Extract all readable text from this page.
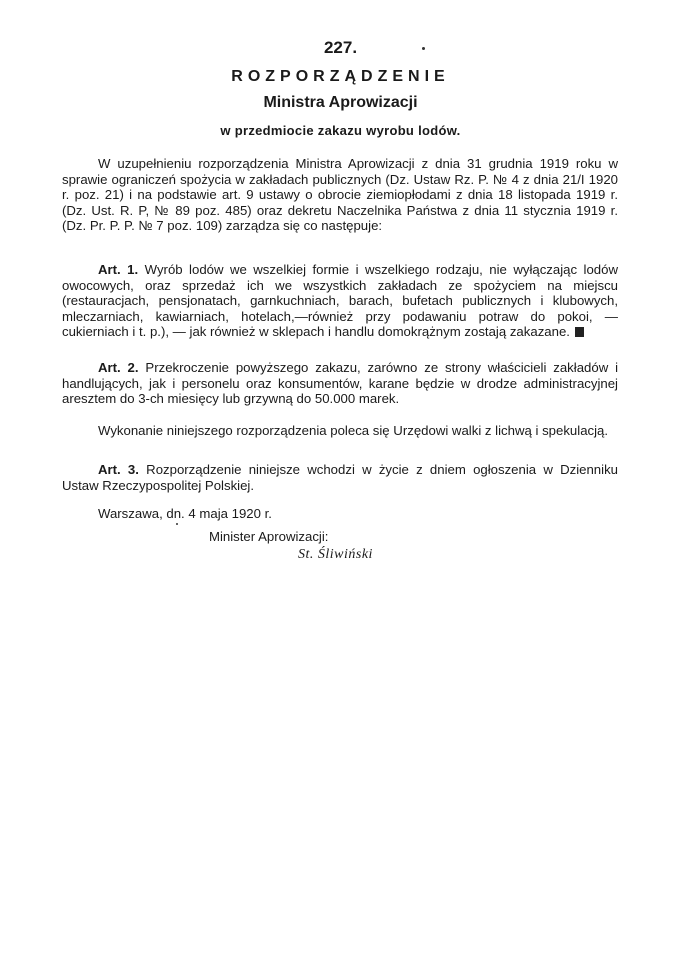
227.
ROZPORZĄDZENIE
Ministra Aprowizacji
w przedmiocie zakazu wyrobu lodów.

W uzupełnieniu rozporządzenia Ministra Aprowizacji z dnia 31 grudnia 1919 roku w sprawie ograniczeń spożycia w zakładach publicznych (Dz. Ustaw Rz. P. № 4 z dnia 21/I 1920 r. poz. 21) i na podstawie art. 9 ustawy o obrocie ziemiopłodami z dnia 18 listopada 1919 r. (Dz. Ust. R. P, № 89 poz. 485) oraz dekretu Naczelnika Państwa z dnia 11 stycznia 1919 r. (Dz. Pr. P. P. № 7 poz. 109) zarządza się co następuje:

Art. 1. Wyrób lodów we wszelkiej formie i wszelkiego rodzaju, nie wyłączając lodów owocowych, oraz sprzedaż ich we wszystkich zakładach ze spożyciem na miejscu (restauracjach, pensjonatach, garnkuchniach, barach, bufetach publicznych i klubowych, mleczarniach, kawiarniach, hotelach,—również przy podawaniu potraw do pokoi, — cukierniach i t. p.), — jak również w sklepach i handlu domokrążnym zostają zakazane.

Art. 2. Przekroczenie powyższego zakazu, zarówno ze strony właścicieli zakładów i handlujących, jak i personelu oraz konsumentów, karane będzie w drodze administracyjnej aresztem do 3-ch miesięcy lub grzywną do 50.000 marek.

Wykonanie niniejszego rozporządzenia poleca się Urzędowi walki z lichwą i spekulacją.

Art. 3. Rozporządzenie niniejsze wchodzi w życie z dniem ogłoszenia w Dzienniku Ustaw Rzeczypospolitej Polskiej.

Warszawa, dn. 4 maja 1920 r.
Minister Aprowizacji:
St. Śliwiński
